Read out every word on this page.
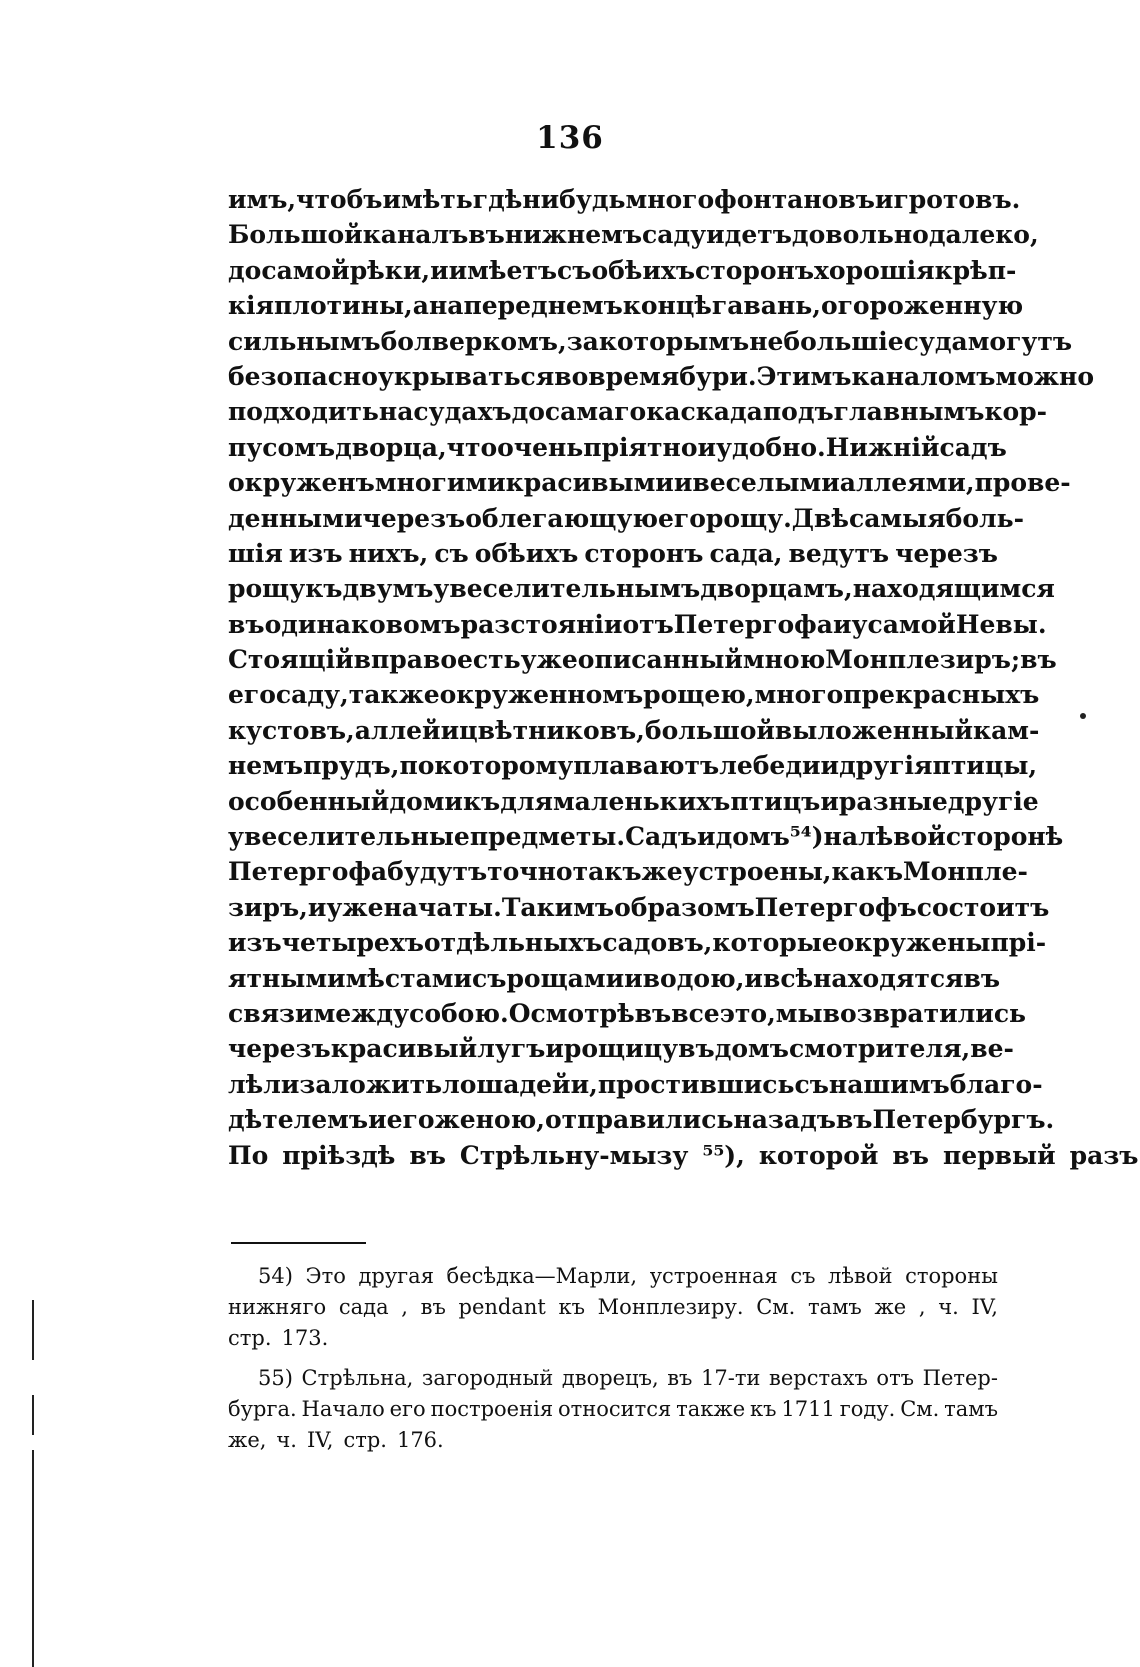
136
имъ, чтобъ имѣть гдѣ нибудь много фонтановъ и гротовъ.
Большой каналъ въ нижнемъ саду идетъ довольно далеко,
до самой рѣки, и имѣетъ съ обѣихъ сторонъ хорошія крѣп-
кія плотины, а на переднемъ концѣ гавань, огороженную
сильнымъ болверкомъ, за которымъ небольшіе суда могутъ
безопасно укрываться во время бури. Этимъ каналомъ можно
подходить на судахъ до самаго каскада подъ главнымъ кор-
пусомъ дворца, что очень пріятно и удобно. Нижній садъ
окруженъ многими красивыми и веселыми аллеями, прове-
денными черезъ облегающую его рощу. Двѣ самыя боль-
шія изъ нихъ, съ обѣихъ сторонъ сада, ведутъ черезъ
рощу къ двумъ увеселительнымъ дворцамъ, находящимся
въ одинаковомъ разстояніи отъ Петергофа и у самой Невы.
Стоящій вправо есть уже описанный мною Монплезиръ; въ
его саду, также окруженномъ рощею, много прекрасныхъ
кустовъ, аллей и цвѣтниковъ, большой выложенный кам-
немъ прудъ, по которому плаваютъ лебеди и другія птицы,
особенный домикъ для маленькихъ птицъ и разные другіе
увеселительные предметы. Садъ и домъ ⁵⁴) на лѣвой сторонѣ
Петергофа будутъ точно такъ же устроены, какъ Монпле-
зиръ, и уже начаты. Такимъ образомъ Петергофъ состоитъ
изъ четырехъ отдѣльныхъ садовъ, которые окружены прі-
ятными мѣстами съ рощами и водою, и всѣ находятся въ
связи между собою. Осмотрѣвъ все это, мы возвратились
черезъ красивый лугъ и рощицу въ домъ смотрителя, ве-
лѣли заложить лошадей и, простившись съ нашимъ благо-
дѣтелемъ и его женою, отправились назадъ въ Петербургъ.
По пріѣздѣ въ Стрѣльну-мызу ⁵⁵), которой въ первый разъ
54) Это другая бесѣдка—Марли, устроенная съ лѣвой стороны
нижняго сада , въ pendant къ Монплезиру. См. тамъ же , ч. IV,
стр. 173.
55) Стрѣльна, загородный дворецъ, въ 17-ти верстахъ отъ Петер-
бурга. Начало его построенія относится также къ 1711 году. См. тамъ
же, ч. IV, стр. 176.
